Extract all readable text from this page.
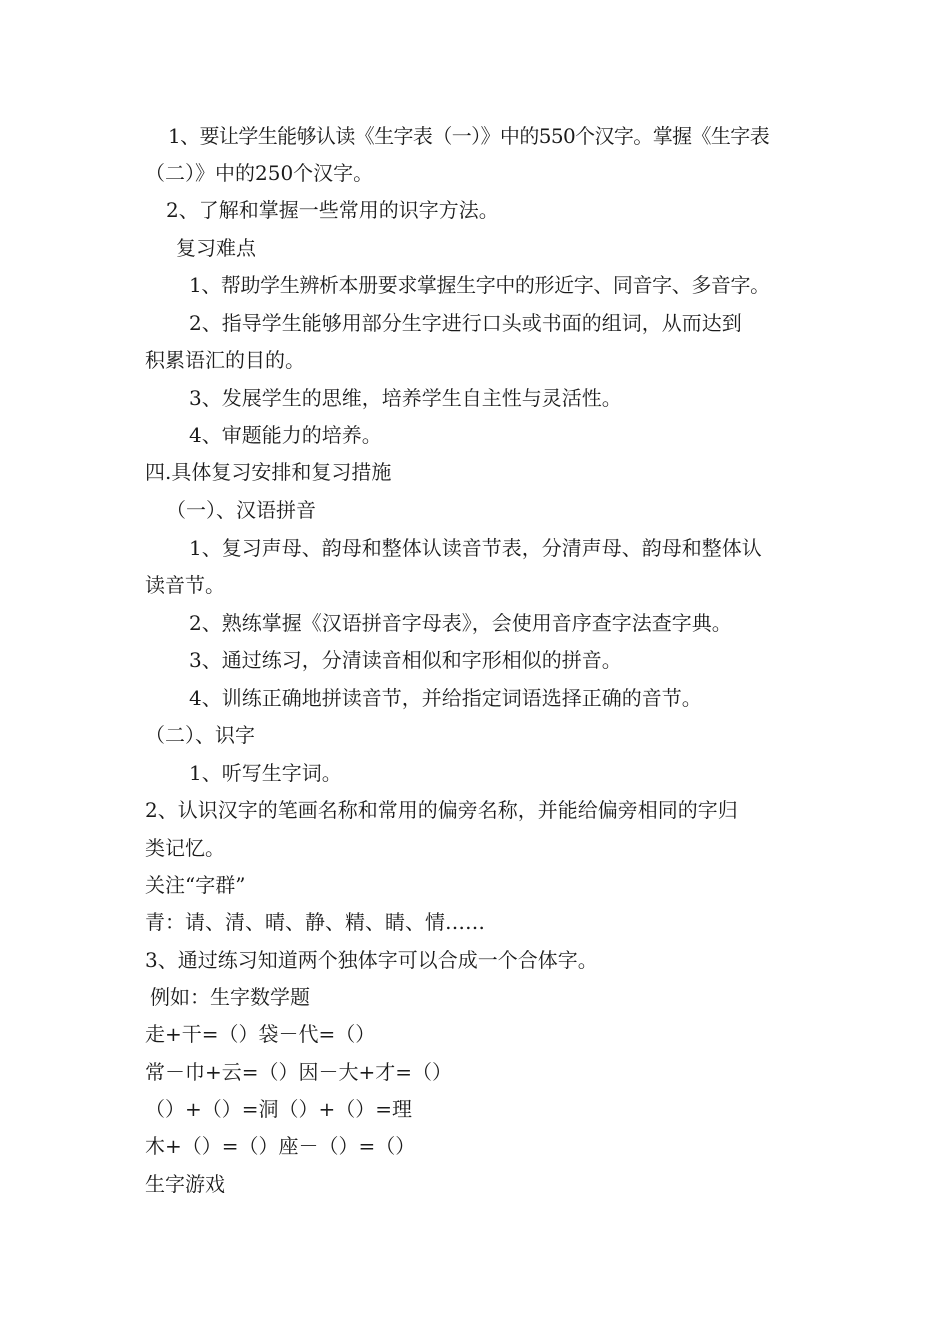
1、要让学生能够认读《生字表（一）》中的550个汉字。掌握《生字表
（二）》中的250个汉字。
2、了解和掌握一些常用的识字方法。
复习难点
1、帮助学生辨析本册要求掌握生字中的形近字、同音字、多音字。
2、指导学生能够用部分生字进行口头或书面的组词，从而达到
积累语汇的目的。
3、发展学生的思维，培养学生自主性与灵活性。
4、审题能力的培养。
四.具体复习安排和复习措施
（一）、汉语拼音
1、复习声母、韵母和整体认读音节表，分清声母、韵母和整体认
读音节。
2、熟练掌握《汉语拼音字母表》，会使用音序查字法查字典。
3、通过练习，分清读音相似和字形相似的拼音。
4、训练正确地拼读音节，并给指定词语选择正确的音节。
（二）、识字
1、听写生字词。
2、认识汉字的笔画名称和常用的偏旁名称，并能给偏旁相同的字归
类记忆。
关注“字群”
青：请、清、晴、静、精、睛、情……
3、通过练习知道两个独体字可以合成一个合体字。
例如：生字数学题
走+干=（）袋－代=（）
常－巾+云=（）因－大+才=（）
（）+（）=洞（）+（）=理
木+（）=（）座－（）=（）
生字游戏
